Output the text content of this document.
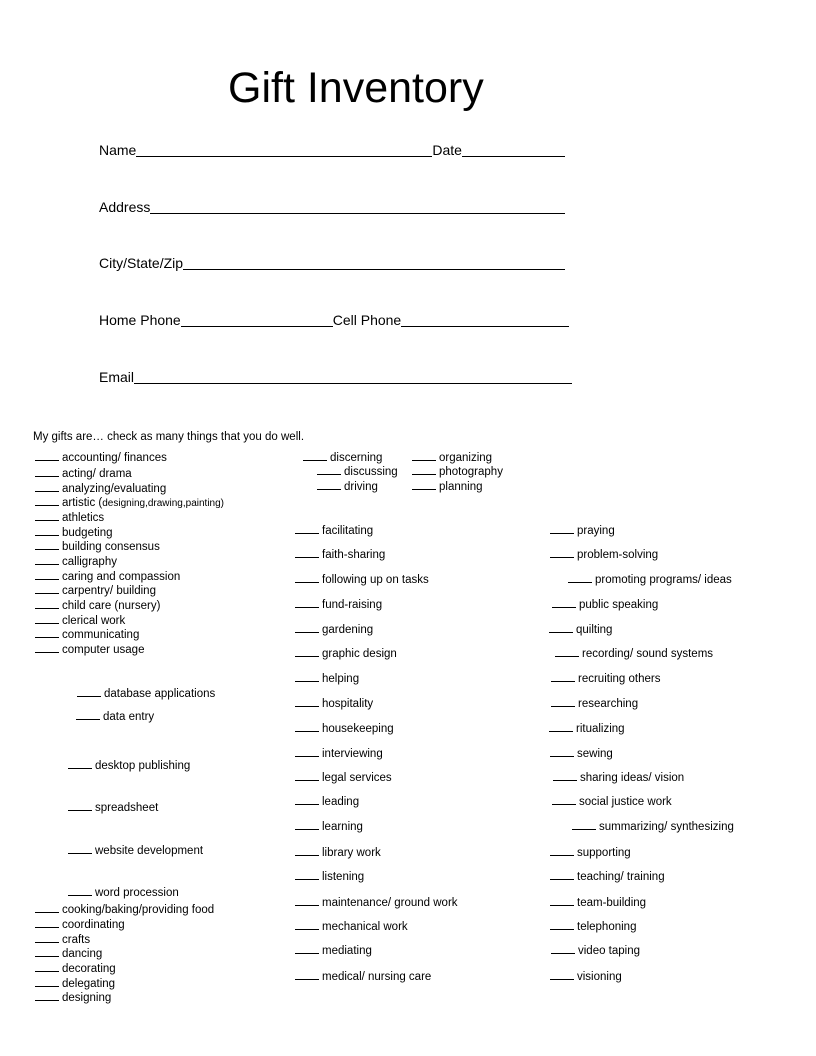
Gift Inventory
Name	Date
Address
City/State/Zip
Home Phone	Cell Phone
Email
My gifts are… check as many things that you do well.
accounting/ finances
acting/ drama
analyzing/evaluating
artistic (designing,drawing,painting)
athletics
budgeting
building consensus
calligraphy
caring and compassion
carpentry/ building
child care (nursery)
clerical work
communicating
computer usage
database applications
data entry
desktop publishing
spreadsheet
website development
word procession
cooking/baking/providing food
coordinating
crafts
dancing
decorating
delegating
designing
discerning
discussing
driving
organizing
photography
planning
facilitating
faith-sharing
following up on tasks
fund-raising
gardening
graphic design
helping
hospitality
housekeeping
interviewing
legal services
leading
learning
library work
listening
maintenance/ ground work
mechanical work
mediating
medical/ nursing care
praying
problem-solving
promoting programs/ ideas
public speaking
quilting
recording/ sound systems
recruiting others
researching
ritualizing
sewing
sharing ideas/ vision
social justice work
summarizing/ synthesizing
supporting
teaching/ training
team-building
telephoning
video taping
visioning
